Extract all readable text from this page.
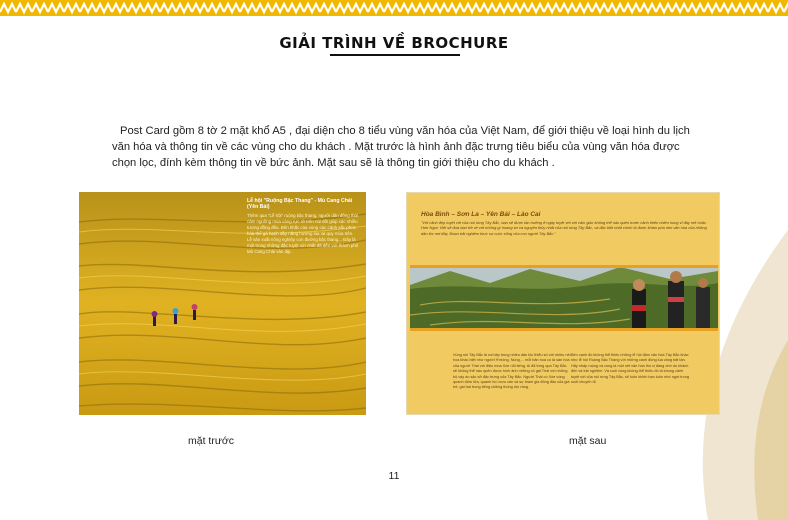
GIẢI TRÌNH VỀ BROCHURE
Post Card gồm 8 tờ 2 mặt khổ A5 , đại diện cho 8 tiểu vùng văn hóa của Việt Nam, để giới thiệu về loại hình du lịch văn hóa và thông tin về các vùng cho du khách . Mặt trước là hình ảnh đặc trưng tiêu biểu của vùng văn hóa được chọn lọc, đính kèm thông tin về bức ảnh. Mặt sau sẽ là thông tin giới thiệu cho du khách .
Lễ hội "Ruộng Bậc Thang" - Mù Cang Chải (Yên Bái)
Thêm qua "Lễ hội" ruộng bậc thang, người dân đồng thời cảm nguồng mùa vàng rực rỡ trên núi đồi giúp các nhiều tượng đồng đều. Bên khắc của vùng các cảnh sắc phức hóa thể gà hạnh đầy năng hướng lúa và quy mùa trên. Lễ sản xuất nông nghiệp con đường bậc thang... Đây là một trong những đặc tuyệt vời nhất đã đến với thành phố Mù Cang Chải vào dịp.
Hòa Bình – Sơn La – Yên Bái – Lào Cai
"Với cảnh đẹp tuyệt vời của núi rừng Tây Bắc, bạn sẽ được tận hưởng ở ngày tuyệt vời với cảm giác không thể nào quên trước cảnh thiên nhiên hùng vĩ đầy mê hoặc. Hơn Ngọc Việt sẽ đưa bạn trở về với những gì hoang sơ và nguyên thủy nhất của núi rừng Tây Bắc, và đặc biệt nhất chính là được khám phá nền văn hóa của những dân tộc nơi đây. Đoạn trải nghiệm thực sự cuộc sống của con người Tây Bắc."
Vùng núi Tây Bắc là nơi tập trung nhiều dân tộc thiểu số với nhiều nét hoa khác biệt như người H'mông, Nùng,... mỗi bản hoa có là sản hóa của người Thái với điệu múa Xòe nổi tiếng. Ai đã từng qua Tây Bắc sẽ không thể nào quên được hình ảnh những cô gái Thái với những bộ váy áo sặc sỡ đặc trưng của Tây Bắc. Người Thái có Xòe vòng quanh đốm lửa, quanh hồ rượu cần và sự tham gia đông đảo của già trẻ, gái trai trong tiếng chiêng thống rộn ràng.
Bên cạnh đó không thể thiếu những lễ hội đậm văn hóa Tây Bắc khác như lễ hội Ruộng Bậc Thang với những cánh đồng lúa vàng bất tận. Hãy nhấp ruộng và cùng là một nét văn hóa thú vị đang chờ du khách đến và trải nghiệm. Và cuối cùng không thể thiếu đó là khung cảnh tuyệt vời của núi rừng Tây Bắc, sẽ luôn khiến bạn luôn nhớ ngợi trong suốt chuyến đi.
mặt trước	mặt sau
11
